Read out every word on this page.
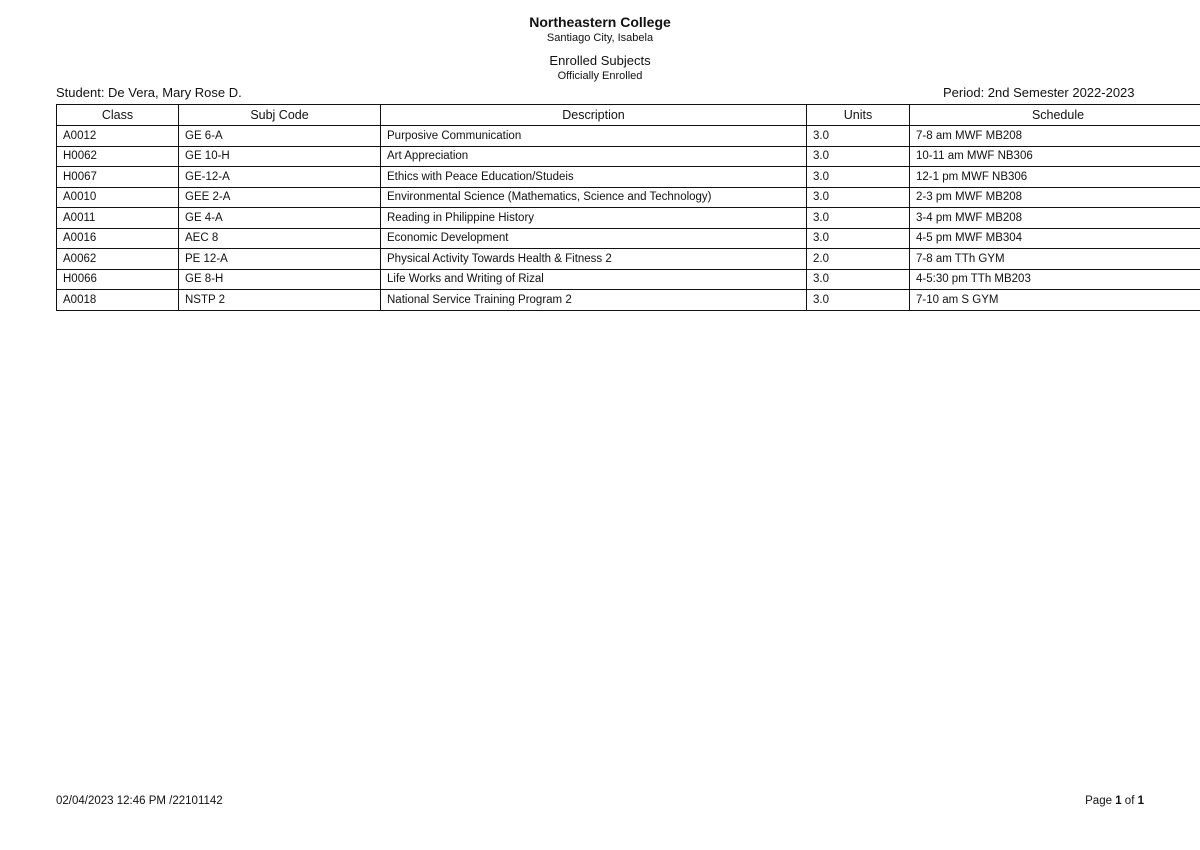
Northeastern College
Santiago City, Isabela
Enrolled Subjects
Officially Enrolled
Student: De Vera, Mary Rose D.	Period: 2nd Semester 2022-2023
Class	Subj Code	Description	Units	Schedule
A0012	GE 6-A	Purposive Communication	3.0	7-8 am MWF MB208
H0062	GE 10-H	Art Appreciation	3.0	10-11 am MWF NB306
H0067	GE-12-A	Ethics with Peace Education/Studeis	3.0	12-1 pm MWF NB306
A0010	GEE 2-A	Environmental Science (Mathematics, Science and Technology)	3.0	2-3 pm MWF MB208
A0011	GE 4-A	Reading in Philippine History	3.0	3-4 pm MWF MB208
A0016	AEC 8	Economic Development	3.0	4-5 pm MWF MB304
A0062	PE 12-A	Physical Activity Towards Health & Fitness 2	2.0	7-8 am TTh GYM
H0066	GE 8-H	Life Works and Writing of Rizal	3.0	4-5:30 pm TTh MB203
A0018	NSTP 2	National Service Training Program 2	3.0	7-10 am S GYM
02/04/2023 12:46 PM /22101142	Page 1 of 1
